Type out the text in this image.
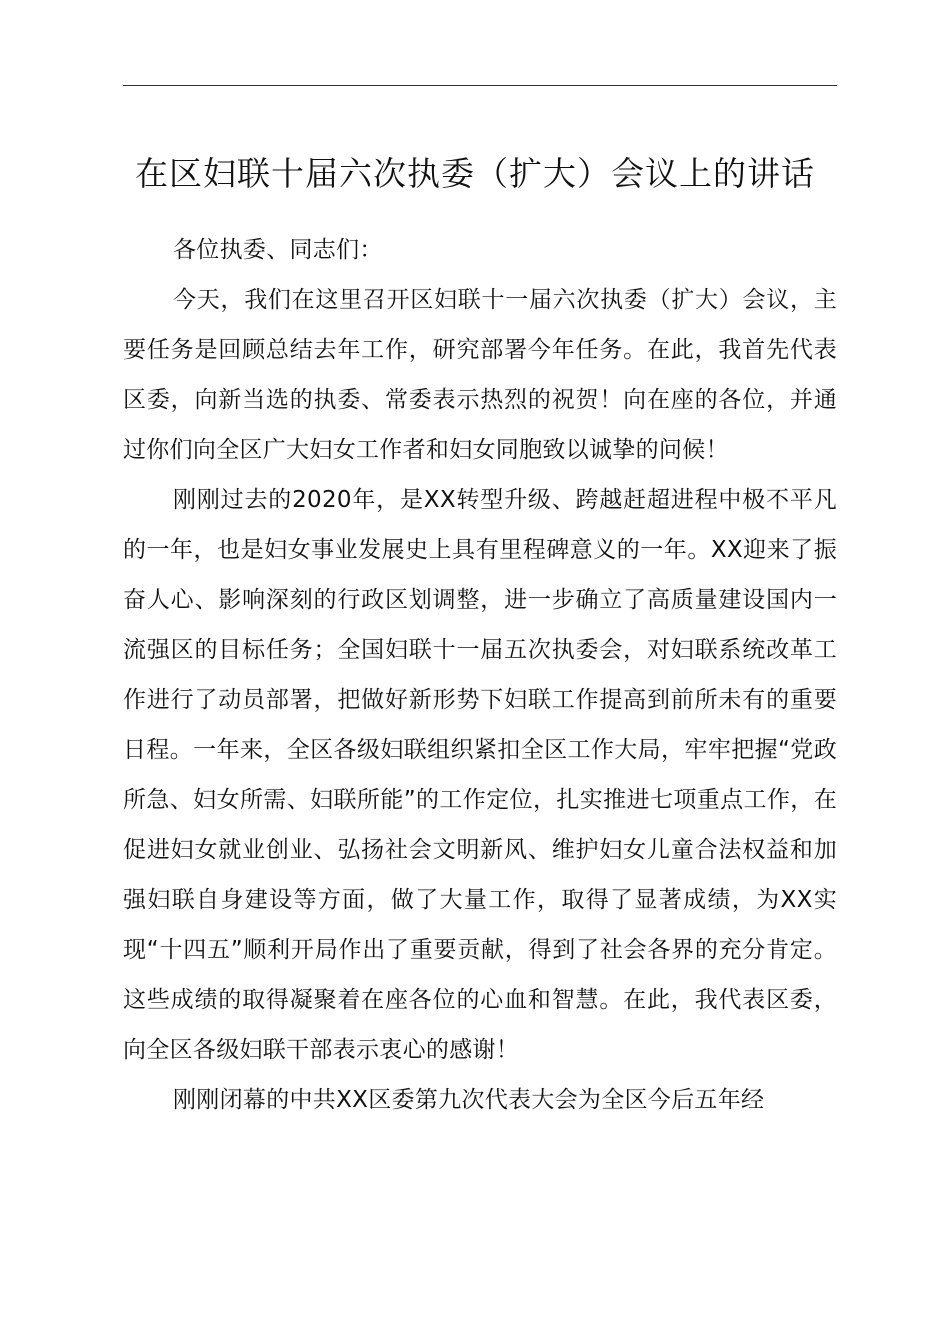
在区妇联十届六次执委（扩大）会议上的讲话

各位执委、同志们：

今天，我们在这里召开区妇联十一届六次执委（扩大）会议，主要任务是回顾总结去年工作，研究部署今年任务。在此，我首先代表区委，向新当选的执委、常委表示热烈的祝贺！向在座的各位，并通过你们向全区广大妇女工作者和妇女同胞致以诚挚的问候！

刚刚过去的2020年，是XX转型升级、跨越赶超进程中极不平凡的一年，也是妇女事业发展史上具有里程碑意义的一年。XX迎来了振奋人心、影响深刻的行政区划调整，进一步确立了高质量建设国内一流强区的目标任务；全国妇联十一届五次执委会，对妇联系统改革工作进行了动员部署，把做好新形势下妇联工作提高到前所未有的重要日程。一年来，全区各级妇联组织紧扣全区工作大局，牢牢把握“党政所急、妇女所需、妇联所能”的工作定位，扎实推进七项重点工作，在促进妇女就业创业、弘扬社会文明新风、维护妇女儿童合法权益和加强妇联自身建设等方面，做了大量工作，取得了显著成绩，为XX实现“十四五”顺利开局作出了重要贡献，得到了社会各界的充分肯定。这些成绩的取得凝聚着在座各位的心血和智慧。在此，我代表区委，向全区各级妇联干部表示衷心的感谢！

刚刚闭幕的中共XX区委第九次代表大会为全区今后五年经
